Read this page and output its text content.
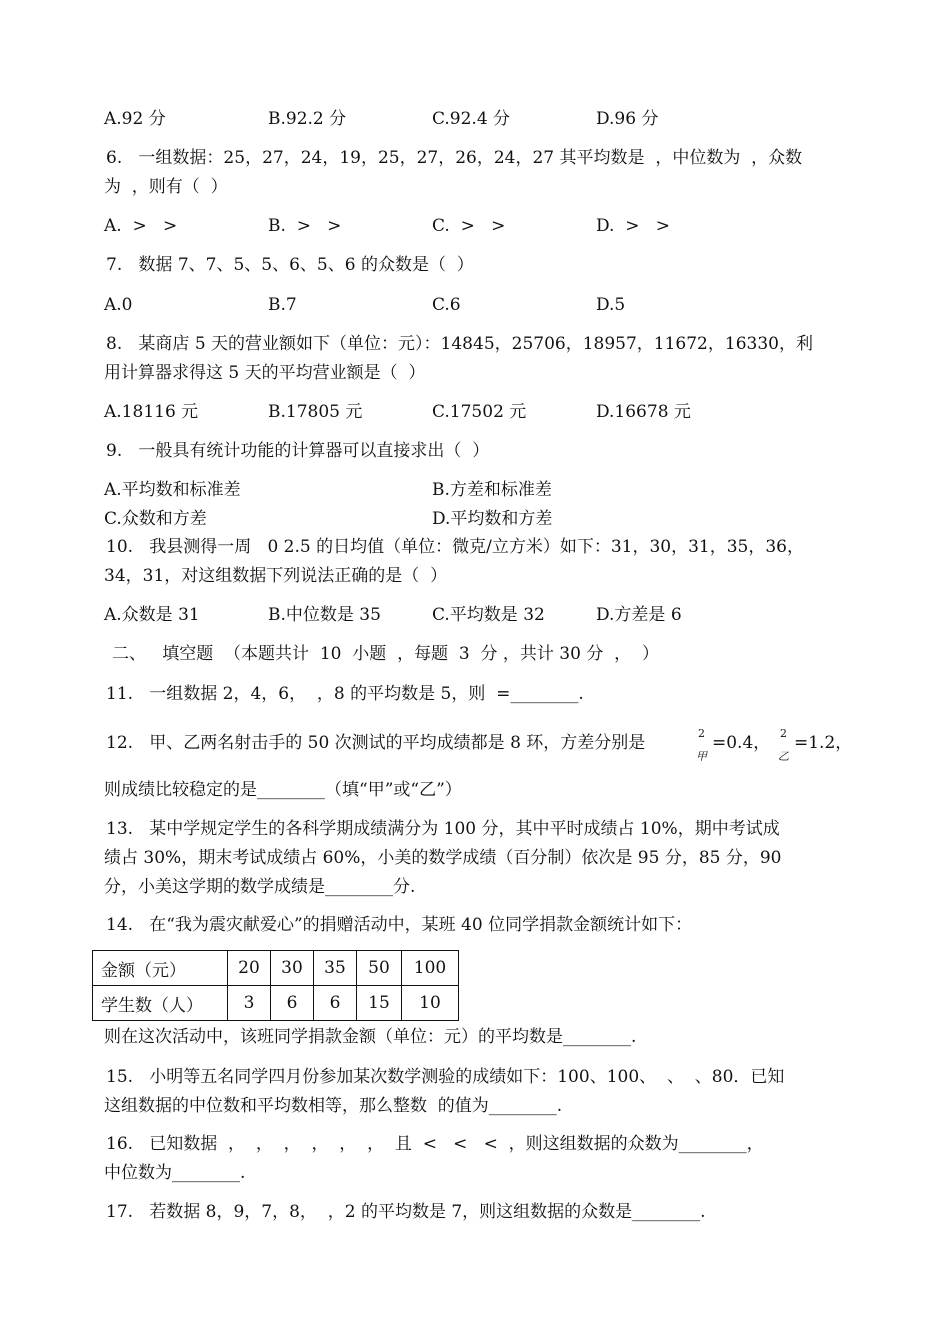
A.92 分	B.92.2 分	C.92.4 分	D.96 分
6.   一组数据：25，27，24，19，25，27，26，24，27 其平均数是  ，中位数为  ，众数
为  ，则有（  ）
A.  >   >	B.  >   >	C.  >   >	D.  >   >
7.   数据 7、7、5、5、6、5、6 的众数是（  ）
A.0	B.7	C.6	D.5
8.   某商店 5 天的营业额如下（单位：元）：14845，25706，18957，11672，16330，利
用计算器求得这 5 天的平均营业额是（  ）
A.18116 元	B.17805 元	C.17502 元	D.16678 元
9.   一般具有统计功能的计算器可以直接求出（  ）
A.平均数和标准差	B.方差和标准差
C.众数和方差	D.平均数和方差
10.   我县测得一周   0 2.5 的日均值（单位：微克/立方米）如下：31，30，31，35，36，
34，31，对这组数据下列说法正确的是（  ）
A.众数是 31	B.中位数是 35	C.平均数是 32	D.方差是 6
二、   填空题  （本题共计  10  小题  ，每题  3  分 ，共计 30 分  ，  ）
11.   一组数据 2，4，6，  ，8 的平均数是 5，则  =________.
12.   甲、乙两名射击手的 50 次测试的平均成绩都是 8 环，方差分别是	2
甲
=0.4， 2
乙
=1.2，
则成绩比较稳定的是________（填“甲”或“乙”）
13.   某中学规定学生的各科学期成绩满分为 100 分，其中平时成绩占 10%，期中考试成
绩占 30%，期末考试成绩占 60%，小美的数学成绩（百分制）依次是 95 分，85 分，90
分，小美这学期的数学成绩是________分.
14.   在“我为震灾献爱心”的捐赠活动中，某班 40 位同学捐款金额统计如下：
金额（元）	20	30	35	50	100
学生数（人）	3	6	6	15	10
则在这次活动中，该班同学捐款金额（单位：元）的平均数是________.
15.   小明等五名同学四月份参加某次数学测验的成绩如下：100、100、  、  、80．已知
这组数据的中位数和平均数相等，那么整数  的值为________.
16.   已知数据  ，  ，  ，  ，  ，  ，  且  <   <   <  ，则这组数据的众数为________，
中位数为________.
17.   若数据 8，9，7，8，  ，2 的平均数是 7，则这组数据的众数是________.
